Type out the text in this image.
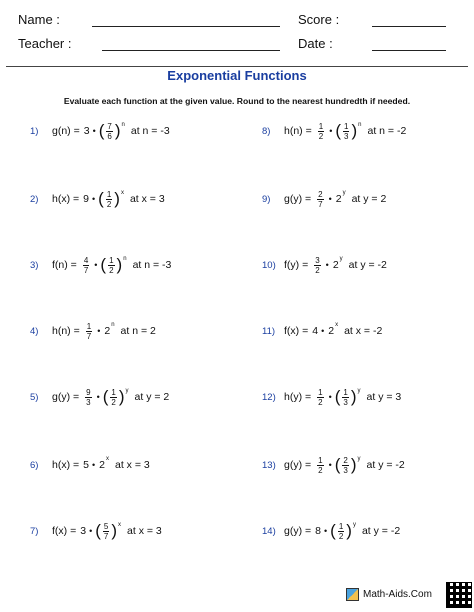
Name :	Score :
Teacher :	Date :
Exponential Functions
Evaluate each function at the given value. Round to the nearest hundredth if needed.
1)	g(n) = 3 • ( $\frac{7}{6}$ ) n at n = -3
2)	h(x) = 9 • ( $\frac{1}{2}$ ) x at x = 3
3)	$f(n) = \frac{4}{7}$ • ( $\frac{1}{2}$ ) n at n = -3
4)	$h(n) = \frac{1}{7}$ • 2 n at n = 2
5)	$g(y) = \frac{9}{3}$ • ( $\frac{1}{2}$ ) y at y = 2
6)	h(x) = 5 • 2 x at x = 3
7)	f(x) = 3 • ( $\frac{5}{7}$ ) x at x = 3
8)	$h(n) = \frac{1}{2}$ • ( $\frac{1}{3}$ ) n at n = -2
9)	$g(y) = \frac{2}{7}$ • 2 y at y = 2
10) $f(y) = \frac{3}{2}$ • 2 y at y = -2
11) f(x) = 4 • 2 x at x = -2
12) $h(y) = \frac{1}{2}$ • ( $\frac{1}{3}$ ) y at y = 3
13) $g(y) = \frac{1}{2}$ • ( $\frac{2}{3}$ ) y at y = -2
14) g(y) = 8 • ( $\frac{1}{2}$ ) y at y = -2
Math-Aids.Com
